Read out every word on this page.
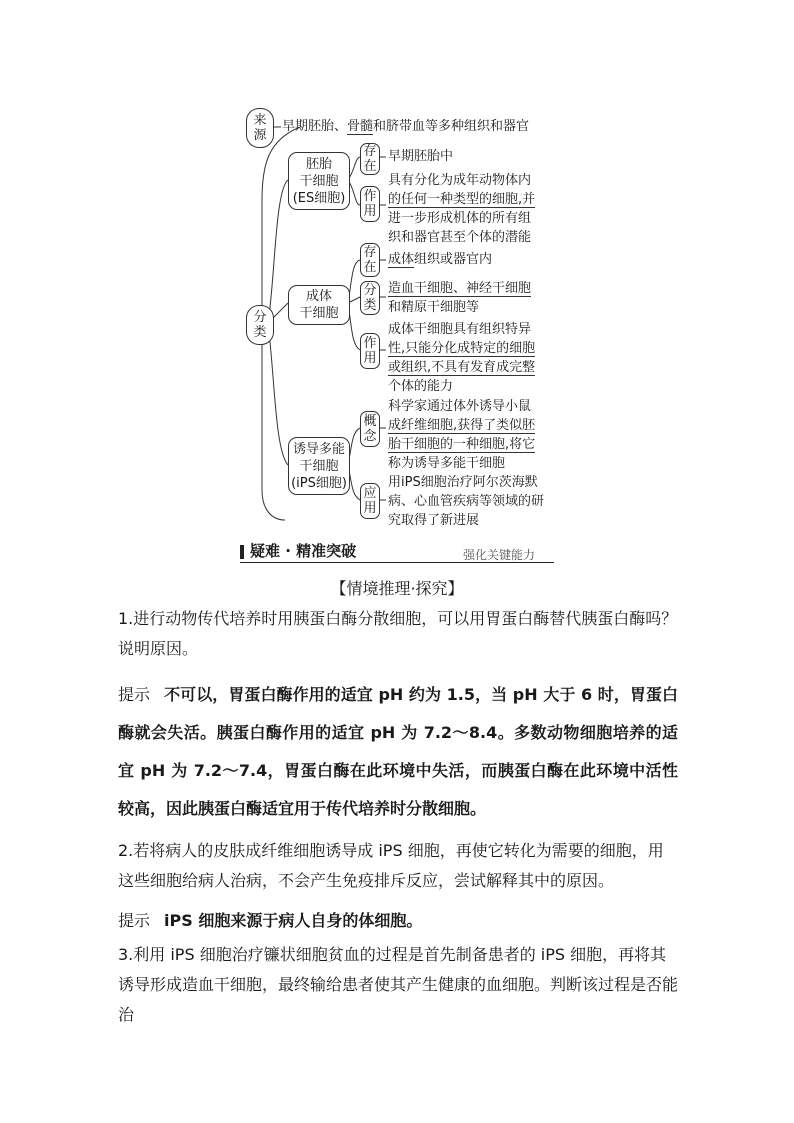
来源
早期胚胎、骨髓和脐带血等多种组织和器官
分类
胚胎
干细胞
(ES细胞)
存在
早期胚胎中
作用
具有分化为成年动物体内
的任何一种类型的细胞,并
进一步形成机体的所有组
织和器官甚至个体的潜能
成体
干细胞
存在
成体组织或器官内
分类
造血干细胞、神经干细胞
和精原干细胞等
作用
成体干细胞具有组织特异
性,只能分化成特定的细胞
或组织,不具有发育成完整
个体的能力
诱导多能
干细胞
(iPS细胞)
概念
科学家通过体外诱导小鼠
成纤维细胞,获得了类似胚
胎干细胞的一种细胞,将它
称为诱导多能干细胞
应用
用iPS细胞治疗阿尔茨海默
病、心血管疾病等领域的研
究取得了新进展
疑难 · 精准突破	强化关键能力
【情境推理·探究】
1.进行动物传代培养时用胰蛋白酶分散细胞，可以用胃蛋白酶替代胰蛋白酶吗？说明原因。
提示 不可以，胃蛋白酶作用的适宜 pH 约为 1.5，当 pH 大于 6 时，胃蛋白酶就会失活。胰蛋白酶作用的适宜 pH 为 7.2～8.4。多数动物细胞培养的适宜 pH 为 7.2～7.4，胃蛋白酶在此环境中失活，而胰蛋白酶在此环境中活性较高，因此胰蛋白酶适宜用于传代培养时分散细胞。
2.若将病人的皮肤成纤维细胞诱导成 iPS 细胞，再使它转化为需要的细胞，用这些细胞给病人治病，不会产生免疫排斥反应，尝试解释其中的原因。
提示 iPS 细胞来源于病人自身的体细胞。
3.利用 iPS 细胞治疗镰状细胞贫血的过程是首先制备患者的 iPS 细胞，再将其诱导形成造血干细胞，最终输给患者使其产生健康的血细胞。判断该过程是否能治
